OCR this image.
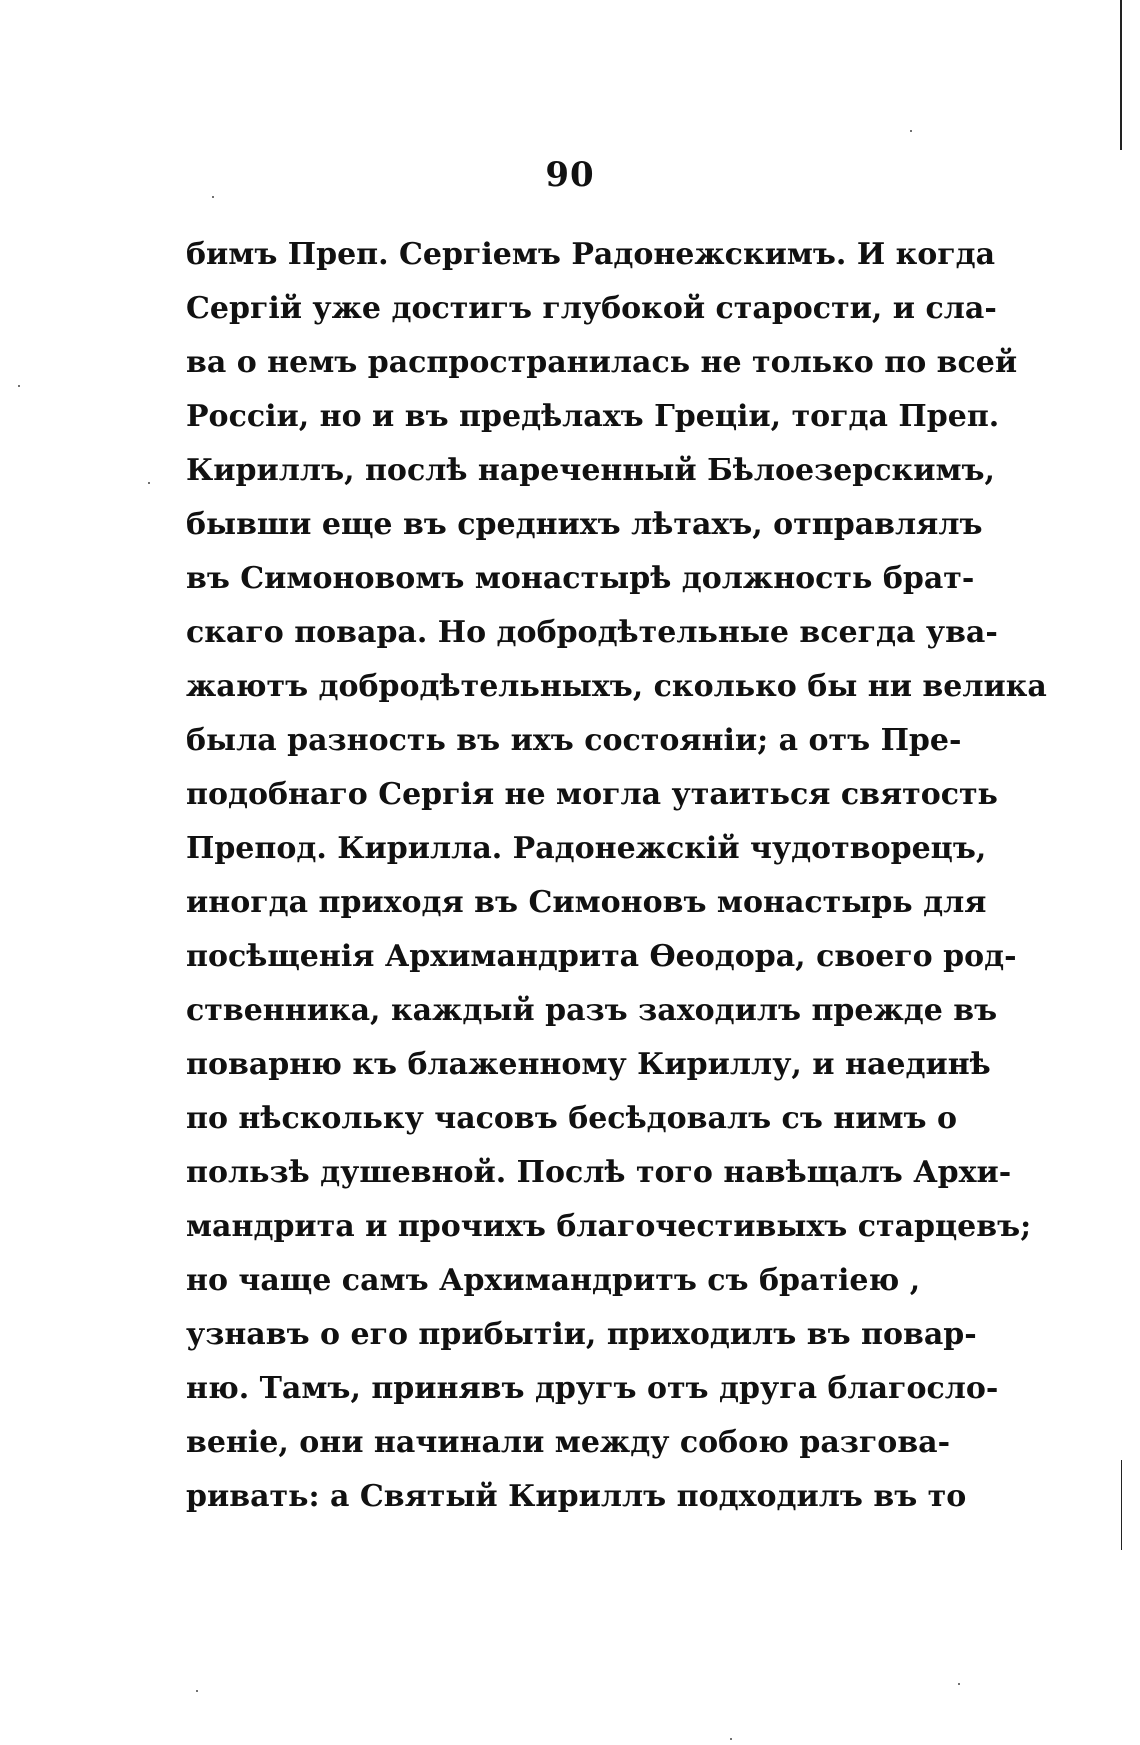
90
бимъ Преп. Сергіемъ Радонежскимъ. И когда
Сергій уже достигъ глубокой старости, и сла-
ва о немъ распространилась не только по всей
Россіи, но и въ предѣлахъ Греціи, тогда Преп.
Кириллъ, послѣ нареченный Бѣлоезерскимъ,
бывши еще въ среднихъ лѣтахъ, отправлялъ
въ Симоновомъ монастырѣ должность брат-
скаго повара. Но добродѣтельные всегда ува-
жаютъ добродѣтельныхъ, сколько бы ни велика
была разность въ ихъ состояніи; а отъ Пре-
подобнаго Сергія не могла утаиться святость
Препод. Кирилла. Радонежскій чудотворецъ,
иногда приходя въ Симоновъ монастырь для
посѣщенія Архимандрита Ѳеодора, своего род-
ственника, каждый разъ заходилъ прежде въ
поварню къ блаженному Кириллу, и наединѣ
по нѣскольку часовъ бесѣдовалъ съ нимъ о
пользѣ душевной. Послѣ того навѣщалъ Архи-
мандрита и прочихъ благочестивыхъ старцевъ;
но чаще самъ Архимандритъ съ братіею ,
узнавъ о его прибытіи, приходилъ въ повар-
ню. Тамъ, принявъ другъ отъ друга благосло-
веніе, они начинали между собою разгова-
ривать: а Святый Кириллъ подходилъ въ то
